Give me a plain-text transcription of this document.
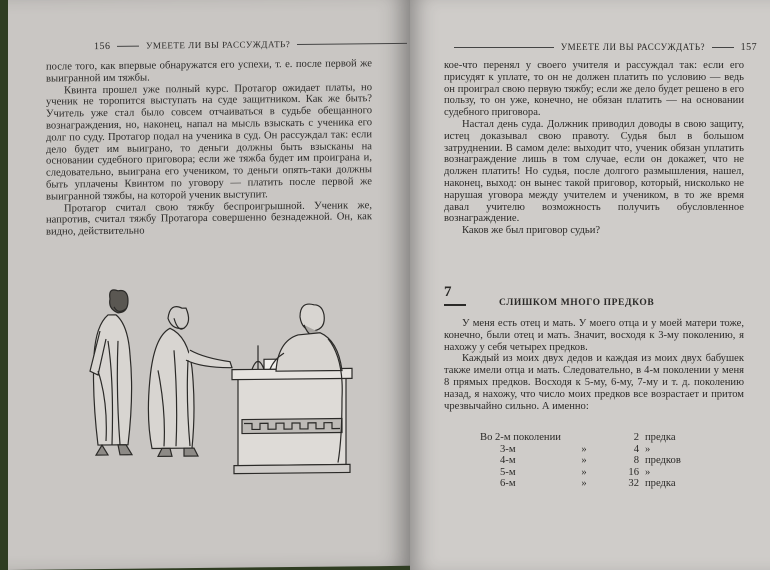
156	УМЕЕТЕ ЛИ ВЫ РАССУЖДАТЬ?

после того, как впервые обнаружатся его успехи, т. е. после первой же выигранной им тяжбы.

Квинта прошел уже полный курс. Протагор ожидает платы, но ученик не торопится выступать на суде защитником. Как же быть? Учитель уже стал было совсем отчаиваться в судьбе обещанного вознаграждения, но, наконец, напал на мысль взыскать с ученика его долг по суду. Протагор подал на ученика в суд. Он рассуждал так: если дело будет им выиграно, то деньги должны быть взысканы на основании судебного приговора; если же тяжба будет им проиграна и, следовательно, выиграна его учеником, то деньги опять-таки должны быть уплачены Квинтом по уговору — платить после первой же выигранной тяжбы, на которой ученик выступит.

Протагор считал свою тяжбу беспроигрышной. Ученик же, напротив, считал тяжбу Протагора совершенно безнадежной. Он, как видно, действительно

УМЕЕТЕ ЛИ ВЫ РАССУЖДАТЬ?	157

кое-что перенял у своего учителя и рассуждал так: если его присудят к уплате, то он не должен платить по условию — ведь он проиграл свою первую тяжбу; если же дело будет решено в его пользу, то он уже, конечно, не обязан платить — на основании судебного приговора.

Настал день суда. Должник приводил доводы в свою защиту, истец доказывал свою правоту. Судья был в большом затруднении. В самом деле: выходит что, ученик обязан уплатить вознаграждение лишь в том случае, если он докажет, что не должен платить! Но судья, после долгого размышления, нашел, наконец, выход: он вынес такой приговор, который, нисколько не нарушая уговора между учителем и учеником, в то же время давал учителю возможность получить обусловленное вознаграждение.

Каков же был приговор судьи?

7
СЛИШКОМ МНОГО ПРЕДКОВ

У меня есть отец и мать. У моего отца и у моей матери тоже, конечно, были отец и мать. Значит, восходя к 3-му поколению, я нахожу у себя четырех предков.

Каждый из моих двух дедов и каждая из моих двух бабушек также имели отца и мать. Следовательно, в 4-м поколении у меня 8 прямых предков. Восходя к 5-му, 6-му, 7-му и т. д. поколению назад, я нахожу, что число моих предков все возрастает и притом чрезвычайно сильно. А именно:

Во 2-м поколении		2	предка
3-м	»	4	»
4-м	»	8	предков
5-м	»	16	»
6-м	»	32	предка
